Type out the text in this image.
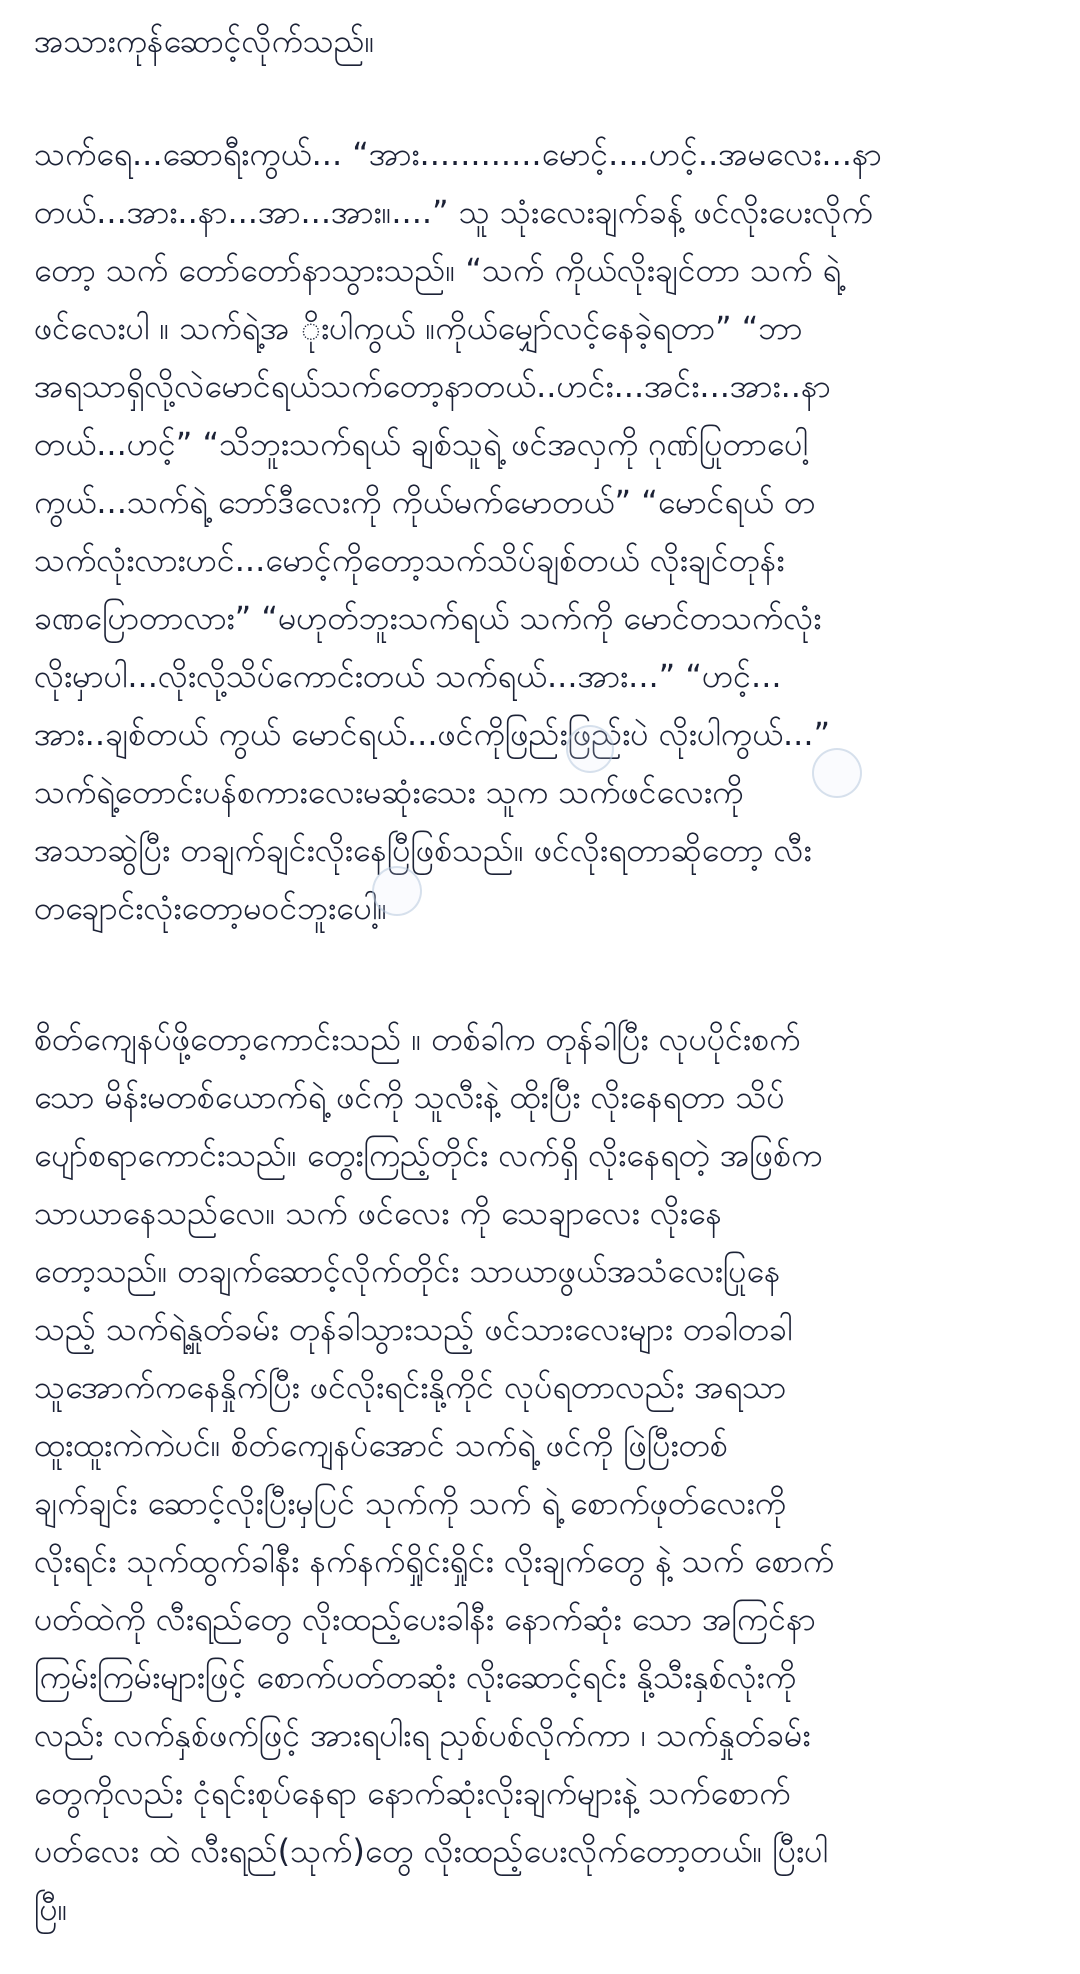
အသားကုန်ဆောင့်လိုက်သည်။
သက်ရေ...ဆောရီးကွယ်... “အား............မောင့်....ဟင့်..အမလေး...နာ
တယ်...အား..နာ...အာ...အား။....” သူ သုံးလေးချက်ခန့် ဖင်လိုးပေးလိုက်
တော့ သက် တော်တော်နာသွားသည်။ “သက် ကိုယ်လိုးချင်တာ သက် ရဲ့
ဖင်လေးပါ ။ သက်ရဲ့အ ိုးပါကွယ် ။ကိုယ်မျှော်လင့်နေခဲ့ရတာ” “ဘာ
အရသာရှိလို့လဲမောင်ရယ်သက်တော့နာတယ်..ဟင်း...အင်း...အား..နာ
တယ်...ဟင့်” “သိဘူးသက်ရယ် ချစ်သူရဲ့ ဖင်အလှကို ဂုဏ်ပြုတာပေါ့
ကွယ်...သက်ရဲ့ ဘော်ဒီလေးကို ကိုယ်မက်မောတယ်” “မောင်ရယ် တ
သက်လုံးလားဟင်...မောင့်ကိုတော့သက်သိပ်ချစ်တယ် လိုးချင်တုန်း
ခဏပြောတာလား” “မဟုတ်ဘူးသက်ရယ် သက်ကို မောင်တသက်လုံး
လိုးမှာပါ...လိုးလို့သိပ်ကောင်းတယ် သက်ရယ်...အား...” “ဟင့်...
အား..ချစ်တယ် ကွယ် မောင်ရယ်...ဖင်ကိုဖြည်းဖြည်းပဲ လိုးပါကွယ်...”
သက်ရဲ့တောင်းပန်စကားလေးမဆုံးသေး သူက သက်ဖင်လေးကို
အသာဆွဲပြီး တချက်ချင်းလိုးနေပြီဖြစ်သည်။ ဖင်လိုးရတာဆိုတော့ လီး
တချောင်းလုံးတော့မဝင်ဘူးပေါ့။
စိတ်ကျေနပ်ဖို့တော့ကောင်းသည် ။ တစ်ခါက တုန်ခါပြီး လုပပိုင်းစက်
သော မိန်းမတစ်ယောက်ရဲ့ ဖင်ကို သူလီးနဲ့ ထိုးပြီး လိုးနေရတာ သိပ်
ပျော်စရာကောင်းသည်။ တွေးကြည့်တိုင်း လက်ရှိ လိုးနေရတဲ့ အဖြစ်က
သာယာနေသည်လေ။ သက် ဖင်လေး ကို သေချာလေး လိုးနေ
တော့သည်။ တချက်ဆောင့်လိုက်တိုင်း သာယာဖွယ်အသံလေးပြုနေ
သည့် သက်ရဲ့နှုတ်ခမ်း တုန်ခါသွားသည့် ဖင်သားလေးများ တခါတခါ
သူအောက်ကနေနှိုက်ပြီး ဖင်လိုးရင်းနို့ကိုင် လုပ်ရတာလည်း အရသာ
ထူးထူးကဲကဲပင်။ စိတ်ကျေနပ်အောင် သက်ရဲ့ ဖင်ကို ဖြဲပြီးတစ်
ချက်ချင်း ဆောင့်လိုးပြီးမှပြင် သုက်ကို သက် ရဲ့ စောက်ဖုတ်လေးကို
လိုးရင်း သုက်ထွက်ခါနီး နက်နက်ရှိုင်းရှိုင်း လိုးချက်တွေ နဲ့ သက် စောက်
ပတ်ထဲကို လီးရည်တွေ လိုးထည့်ပေးခါနီး နောက်ဆုံး သော အကြင်နာ
ကြမ်းကြမ်းများဖြင့် စောက်ပတ်တဆုံး လိုးဆောင့်ရင်း နို့သီးနှစ်လုံးကို
လည်း လက်နှစ်ဖက်ဖြင့် အားရပါးရ ညှစ်ပစ်လိုက်ကာ ၊ သက်နှုတ်ခမ်း
တွေကိုလည်း ငုံရင်းစုပ်နေရာ နောက်ဆုံးလိုးချက်များနဲ့ သက်စောက်
ပတ်လေး ထဲ လီးရည်(သုက်)တွေ လိုးထည့်ပေးလိုက်တော့တယ်။ ပြီးပါ
ပြီ။
